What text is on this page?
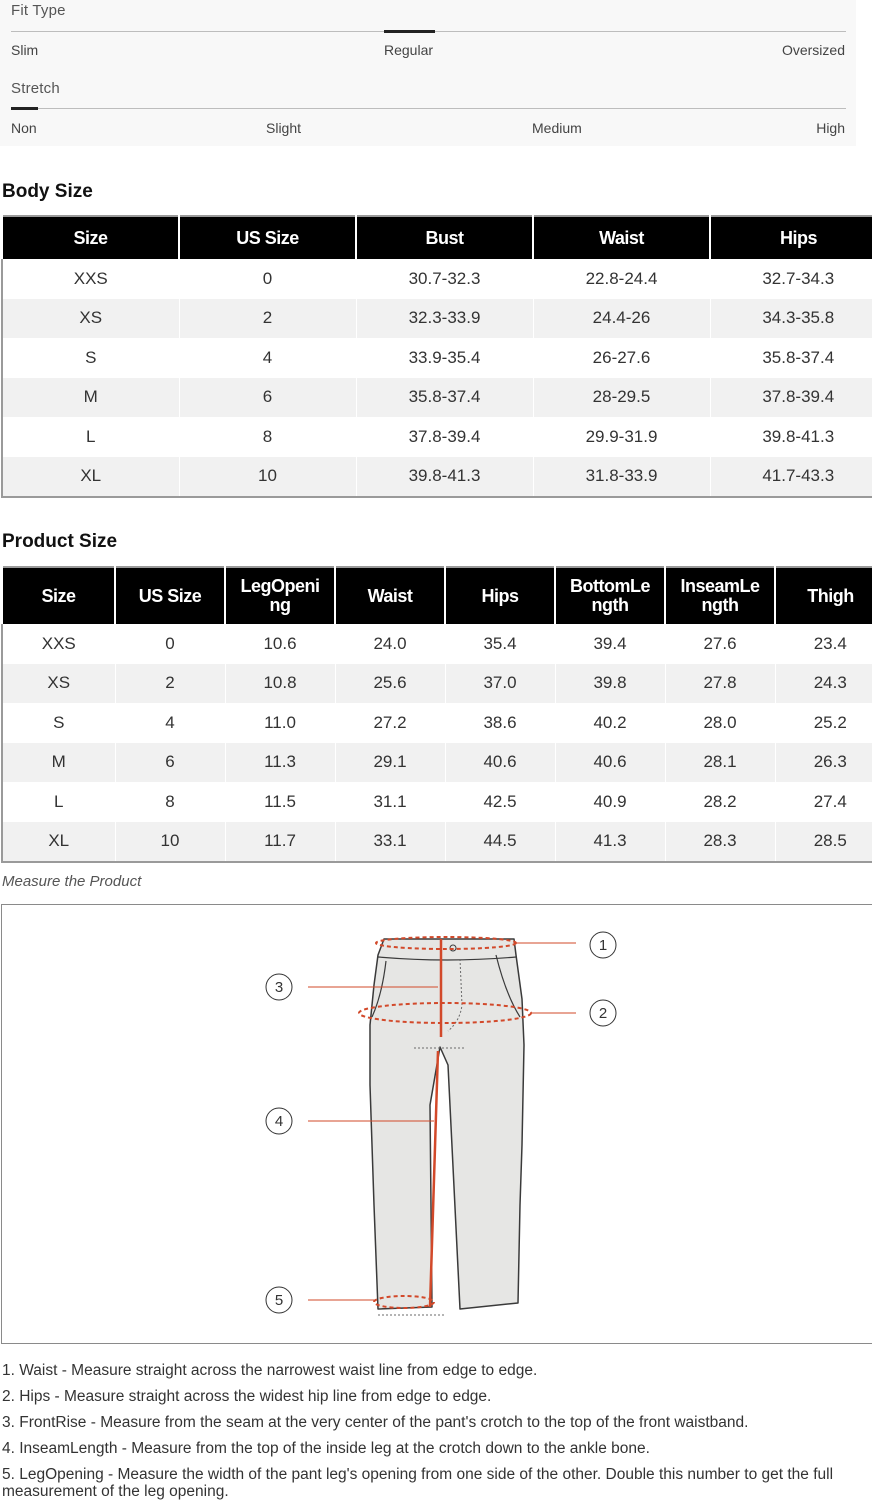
Fit Type
Slim	Regular	Oversized
Stretch
Non	Slight	Medium	High
Body Size
Size	US Size	Bust	Waist	Hips
XXS	0	30.7-32.3	22.8-24.4	32.7-34.3
XS	2	32.3-33.9	24.4-26	34.3-35.8
S	4	33.9-35.4	26-27.6	35.8-37.4
M	6	35.8-37.4	28-29.5	37.8-39.4
L	8	37.8-39.4	29.9-31.9	39.8-41.3
XL	10	39.8-41.3	31.8-33.9	41.7-43.3
Product Size
Size	US Size	LegOpening	Waist	Hips	BottomLength	InseamLength	Thigh
XXS	0	10.6	24.0	35.4	39.4	27.6	23.4
XS	2	10.8	25.6	37.0	39.8	27.8	24.3
S	4	11.0	27.2	38.6	40.2	28.0	25.2
M	6	11.3	29.1	40.6	40.6	28.1	26.3
L	8	11.5	31.1	42.5	40.9	28.2	27.4
XL	10	11.7	33.1	44.5	41.3	28.3	28.5
Measure the Product
1
2
3
4
5
1. Waist - Measure straight across the narrowest waist line from edge to edge.
2. Hips - Measure straight across the widest hip line from edge to edge.
3. FrontRise - Measure from the seam at the very center of the pant's crotch to the top of the front waistband.
4. InseamLength - Measure from the top of the inside leg at the crotch down to the ankle bone.
5. LegOpening - Measure the width of the pant leg's opening from one side of the other. Double this number to get the full measurement of the leg opening.
